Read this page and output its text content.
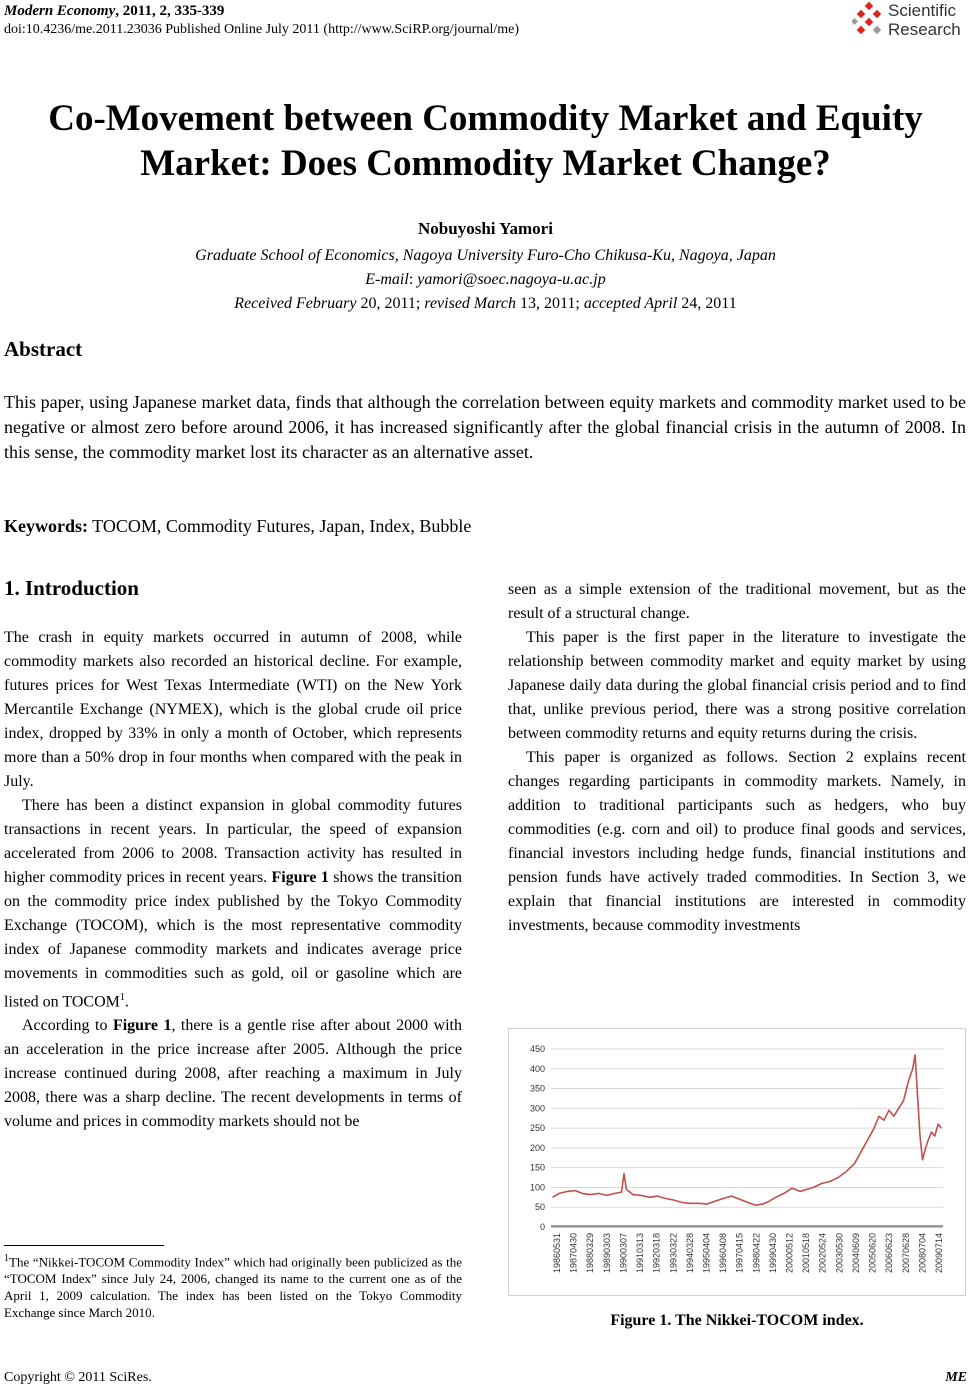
Modern Economy, 2011, 2, 335-339
doi:10.4236/me.2011.23036 Published Online July 2011 (http://www.SciRP.org/journal/me)
Scientific
Research
Co-Movement between Commodity Market and Equity
Market: Does Commodity Market Change?
Nobuyoshi Yamori
Graduate School of Economics, Nagoya University Furo-Cho Chikusa-Ku, Nagoya, Japan
E-mail: yamori@soec.nagoya-u.ac.jp
Received February 20, 2011; revised March 13, 2011; accepted April 24, 2011
Abstract
This paper, using Japanese market data, finds that although the correlation between equity markets and commodity market used to be negative or almost zero before around 2006, it has increased significantly after the global financial crisis in the autumn of 2008. In this sense, the commodity market lost its character as an alternative asset.
Keywords: TOCOM, Commodity Futures, Japan, Index, Bubble
1. Introduction

The crash in equity markets occurred in autumn of 2008, while commodity markets also recorded an historical decline. For example, futures prices for West Texas Intermediate (WTI) on the New York Mercantile Exchange (NYMEX), which is the global crude oil price index, dropped by 33% in only a month of October, which represents more than a 50% drop in four months when compared with the peak in July.

There has been a distinct expansion in global commodity futures transactions in recent years. In particular, the speed of expansion accelerated from 2006 to 2008. Transaction activity has resulted in higher commodity prices in recent years. Figure 1 shows the transition on the commodity price index published by the Tokyo Commodity Exchange (TOCOM), which is the most representative commodity index of Japanese commodity markets and indicates average price movements in commodities such as gold, oil or gasoline which are listed on TOCOM$^1$.

According to Figure 1, there is a gentle rise after about 2000 with an acceleration in the price increase after 2005. Although the price increase continued during 2008, after reaching a maximum in July 2008, there was a sharp decline. The recent developments in terms of volume and prices in commodity markets should not be

seen as a simple extension of the traditional movement, but as the result of a structural change.

This paper is the first paper in the literature to investigate the relationship between commodity market and equity market by using Japanese daily data during the global financial crisis period and to find that, unlike previous period, there was a strong positive correlation between commodity returns and equity returns during the crisis.

This paper is organized as follows. Section 2 explains recent changes regarding participants in commodity markets. Namely, in addition to traditional participants such as hedgers, who buy commodities (e.g. corn and oil) to produce final goods and services, financial investors including hedge funds, financial institutions and pension funds have actively traded commodities. In Section 3, we explain that financial institutions are interested in commodity investments, because commodity investments

$^1$The “Nikkei-TOCOM Commodity Index” which had originally been publicized as the “TOCOM Index” since July 24, 2006, changed its name to the current one as of the April 1, 2009 calculation. The index has been listed on the Tokyo Commodity Exchange since March 2010.
0
50
100
150
200
250
300
350
400
450
19860531 19870430 19880329 19890303 19900307 19910313 19920318 19930322 19940328 19950404 19960408 19970415 19980422 19990430 20000512 20010518 20020524 20030530 20040609 20050620 20060623 20070628 20080704 20090714
Figure 1. The Nikkei-TOCOM index.
Copyright © 2011 SciRes.	ME
